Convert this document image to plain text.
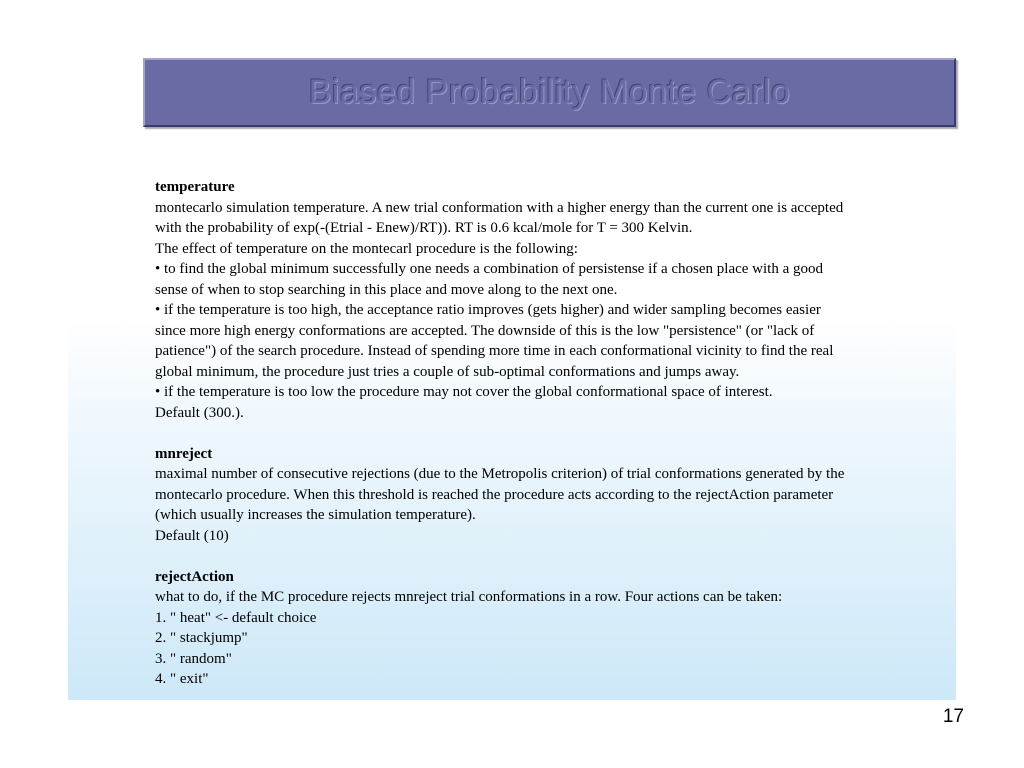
Biased Probability Monte Carlo
temperature
montecarlo simulation temperature. A new trial conformation with a higher energy than the current one is accepted
with the probability of exp(-(Etrial - Enew)/RT)). RT is 0.6 kcal/mole for T = 300 Kelvin.
The effect of temperature on the montecarl procedure is the following:
• to find the global minimum successfully one needs a combination of persistense if a chosen place with a good
sense of when to stop searching in this place and move along to the next one.
• if the temperature is too high, the acceptance ratio improves (gets higher) and wider sampling becomes easier
since more high energy conformations are accepted. The downside of this is the low "persistence" (or "lack of
patience") of the search procedure. Instead of spending more time in each conformational vicinity to find the real
global minimum, the procedure just tries a couple of sub-optimal conformations and jumps away.
• if the temperature is too low the procedure may not cover the global conformational space of interest.
Default (300.).
mnreject
maximal number of consecutive rejections (due to the Metropolis criterion) of trial conformations generated by the
montecarlo procedure. When this threshold is reached the procedure acts according to the rejectAction parameter
(which usually increases the simulation temperature).
Default (10)
rejectAction
what to do, if the MC procedure rejects mnreject trial conformations in a row. Four actions can be taken:
1. " heat" <- default choice
2. " stackjump"
3. " random"
4. " exit"
17
